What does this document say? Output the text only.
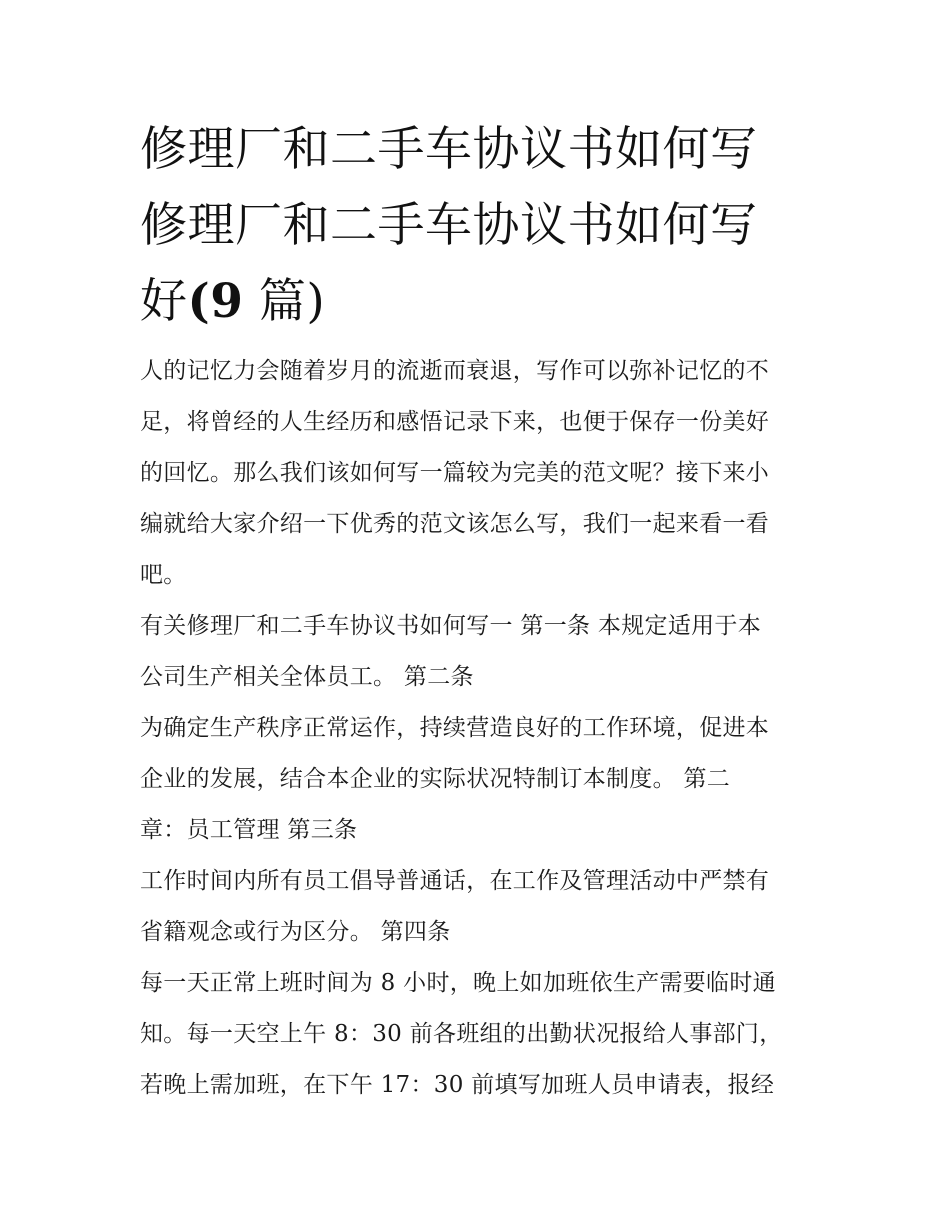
修理厂和二手车协议书如何写
修理厂和二手车协议书如何写
好(9 篇)
人的记忆力会随着岁月的流逝而衰退，写作可以弥补记忆的不
足，将曾经的人生经历和感悟记录下来，也便于保存一份美好
的回忆。那么我们该如何写一篇较为完美的范文呢？接下来小
编就给大家介绍一下优秀的范文该怎么写，我们一起来看一看
吧。
有关修理厂和二手车协议书如何写一 第一条 本规定适用于本
公司生产相关全体员工。 第二条
为确定生产秩序正常运作，持续营造良好的工作环境，促进本
企业的发展，结合本企业的实际状况特制订本制度。 第二
章：员工管理 第三条
工作时间内所有员工倡导普通话，在工作及管理活动中严禁有
省籍观念或行为区分。 第四条
每一天正常上班时间为 8 小时，晚上如加班依生产需要临时通
知。每一天空上午 8：30 前各班组的出勤状况报给人事部门，
若晚上需加班，在下午 17：30 前填写加班人员申请表，报经
